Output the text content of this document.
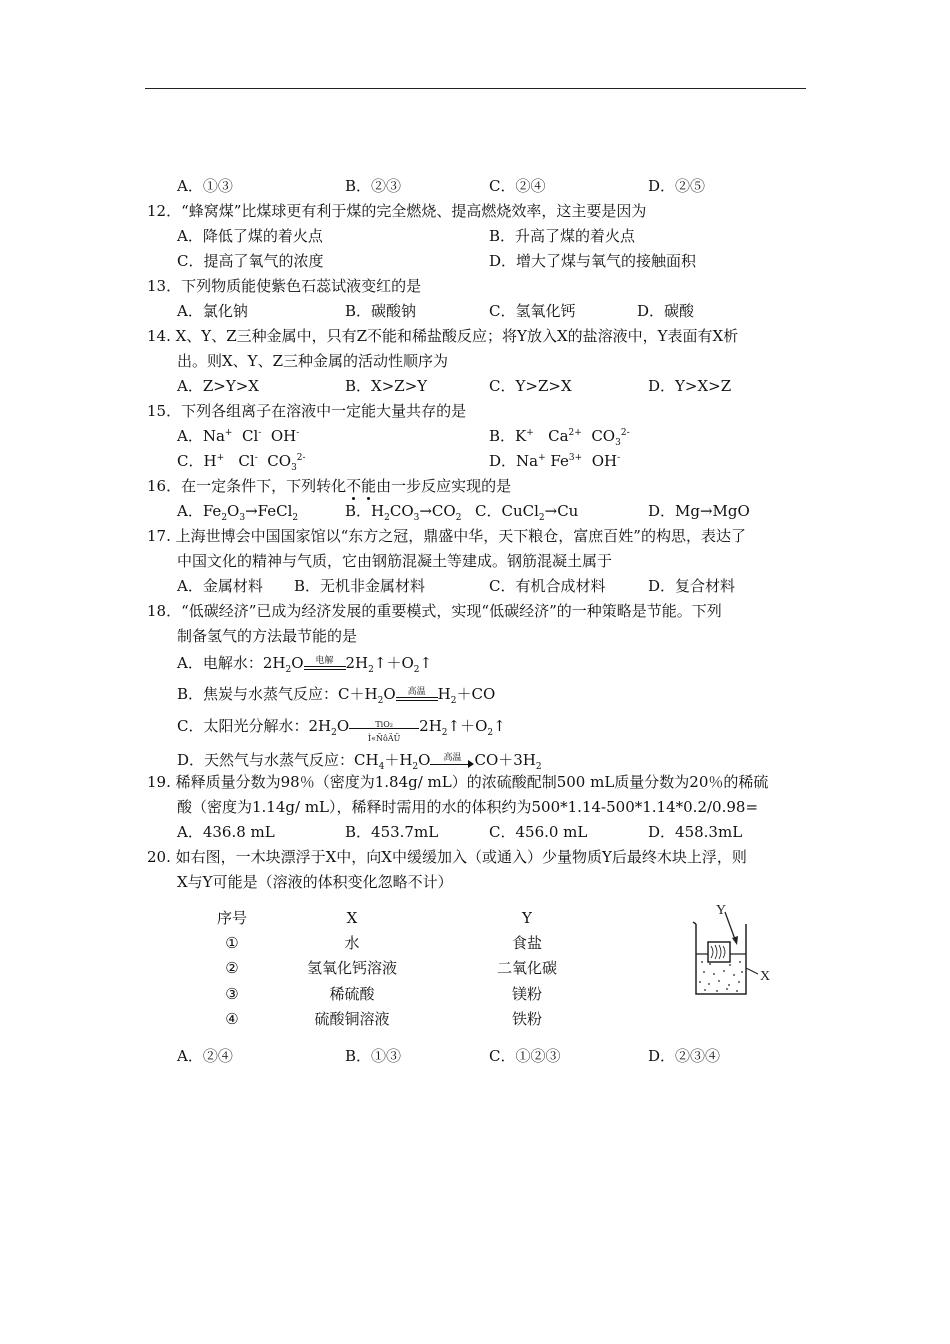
A．①③	B．②③	C．②④	D．②⑤
12．“蜂窝煤”比煤球更有利于煤的完全燃烧、提高燃烧效率，这主要是因为
A．降低了煤的着火点	B．升高了煤的着火点
C．提高了氧气的浓度	D．增大了煤与氧气的接触面积
13．下列物质能使紫色石蕊试液变红的是
A．氯化钠	B．碳酸钠	C．氢氧化钙	D．碳酸
14. X、Y、Z三种金属中，只有Z不能和稀盐酸反应；将Y放入X的盐溶液中，Y表面有X析
出。则X、Y、Z三种金属的活动性顺序为
A．Z>Y>X	B．X>Z>Y	C．Y>Z>X	D．Y>X>Z
15．下列各组离子在溶液中一定能大量共存的是
A．Na+  Cl-  OH-	B．K+   $Ca^{2+}$  $CO_3^{2-}$
C．H+   Cl-  $CO_3^{2-}$	D．Na+ $Fe^{3+}$  OH-
16．在一定条件下，下列转化不能由一步反应实现的是
A．$Fe_2O_3\to FeCl_2$	B．$H_2CO_3\to CO_2$ C．CuCl$_2$→Cu	D．Mg→MgO
17. 上海世博会中国国家馆以“东方之冠，鼎盛中华，天下粮仓，富庶百姓”的构思，表达了
中国文化的精神与气质，它由钢筋混凝土等建成。钢筋混凝土属于
A．金属材料 B．无机非金属材料	C．有机合成材料	D．复合材料
18．“低碳经济”已成为经济发展的重要模式，实现“低碳经济”的一种策略是节能。下列
制备氢气的方法最节能的是
A．电解水：$2H_2O$	电解 $2H_2↑+O_2↑$
B．焦炭与水蒸气反应：$C+H_2O$	高温 $H_2+CO$
C．太阳光分解水：$2H_2O$	TiO₂
Ì«ÑôÄÜ
$2H_2↑+O_2↑$
D．天然气与水蒸气反应：$CH_4+H_2O$	高温 $CO+3H_2$
19. 稀释质量分数为98％（密度为1.84g/ mL）的浓硫酸配制500 mL质量分数为20％的稀硫
酸（密度为1.14g/ mL），稀释时需用的水的体积约为500*1.14-500*1.14*0.2/0.98=
A．436.8 mL	B．453.7mL	C．456.0 mL	D．458.3mL
20. 如右图，一木块漂浮于X中，向X中缓缓加入（或通入）少量物质Y后最终木块上浮，则
X与Y可能是（溶液的体积变化忽略不计）
序号	X	Y
①	水	食盐
②	氢氧化钙溶液	二氧化碳
③	稀硫酸	镁粉
④	硫酸铜溶液	铁粉
Y
X
A．②④	B．①③	C．①②③	D．②③④
